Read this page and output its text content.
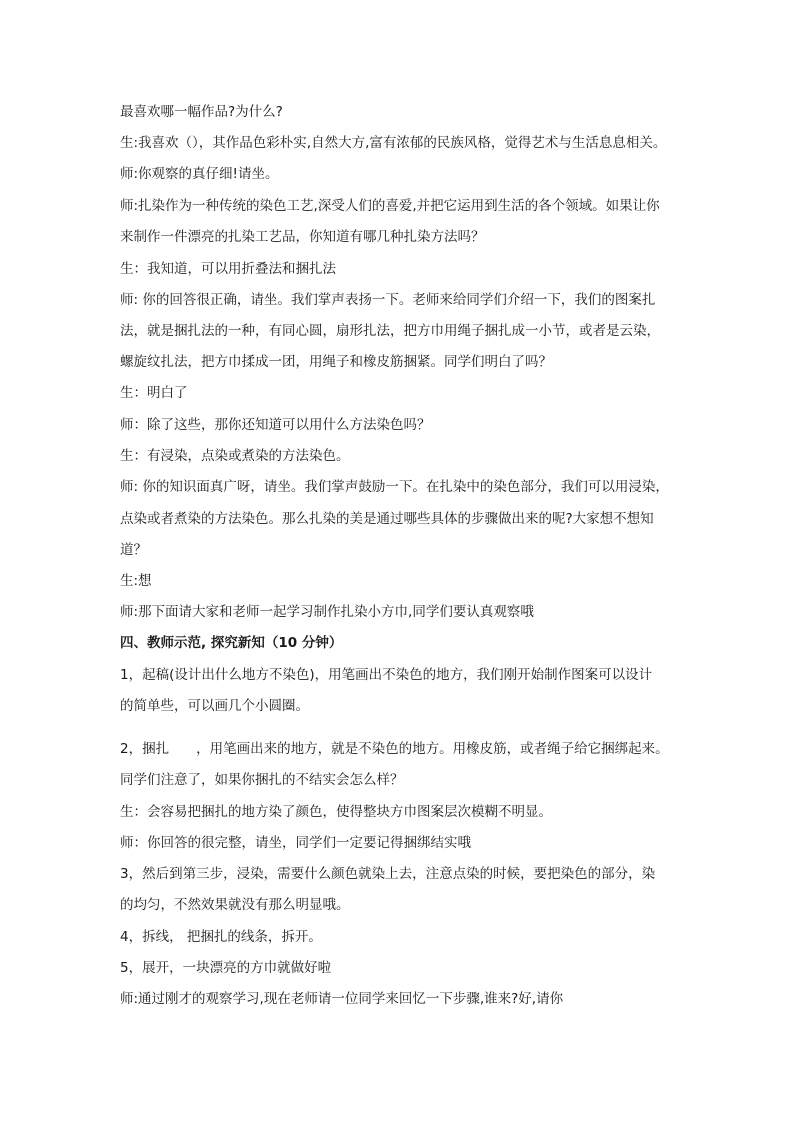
最喜欢哪一幅作品?为什么?
生:我喜欢（），其作品色彩朴实,自然大方,富有浓郁的民族风格，觉得艺术与生活息息相关。
师:你观察的真仔细!请坐。
师:扎染作为一种传统的染色工艺,深受人们的喜爱,并把它运用到生活的各个领域。如果让你
来制作一件漂亮的扎染工艺品，你知道有哪几种扎染方法吗？
生：我知道，可以用折叠法和捆扎法
师: 你的回答很正确，请坐。我们掌声表扬一下。老师来给同学们介绍一下，我们的图案扎
法，就是捆扎法的一种，有同心圆，扇形扎法，把方巾用绳子捆扎成一小节，或者是云染，
螺旋纹扎法，把方巾揉成一团，用绳子和橡皮筋捆紧。同学们明白了吗？
生：明白了
师：除了这些，那你还知道可以用什么方法染色吗？
生：有浸染，点染或煮染的方法染色。
师: 你的知识面真广呀，请坐。我们掌声鼓励一下。在扎染中的染色部分，我们可以用浸染，
点染或者煮染的方法染色。那么扎染的美是通过哪些具体的步骤做出来的呢?大家想不想知
道？
生:想
师:那下面请大家和老师一起学习制作扎染小方巾,同学们要认真观察哦
四、教师示范, 探究新知（10 分钟）
1，起稿(设计出什么地方不染色)，用笔画出不染色的地方，我们刚开始制作图案可以设计
的简单些，可以画几个小圆圈。
2，捆扎　　，用笔画出来的地方，就是不染色的地方。用橡皮筋，或者绳子给它捆绑起来。
同学们注意了，如果你捆扎的不结实会怎么样？
生：会容易把捆扎的地方染了颜色，使得整块方巾图案层次模糊不明显。
师：你回答的很完整，请坐，同学们一定要记得捆绑结实哦
3，然后到第三步，浸染，需要什么颜色就染上去，注意点染的时候，要把染色的部分，染
的均匀，不然效果就没有那么明显哦。
4，拆线， 把捆扎的线条，拆开。
5，展开，一块漂亮的方巾就做好啦
师:通过刚才的观察学习,现在老师请一位同学来回忆一下步骤,谁来?好,请你
